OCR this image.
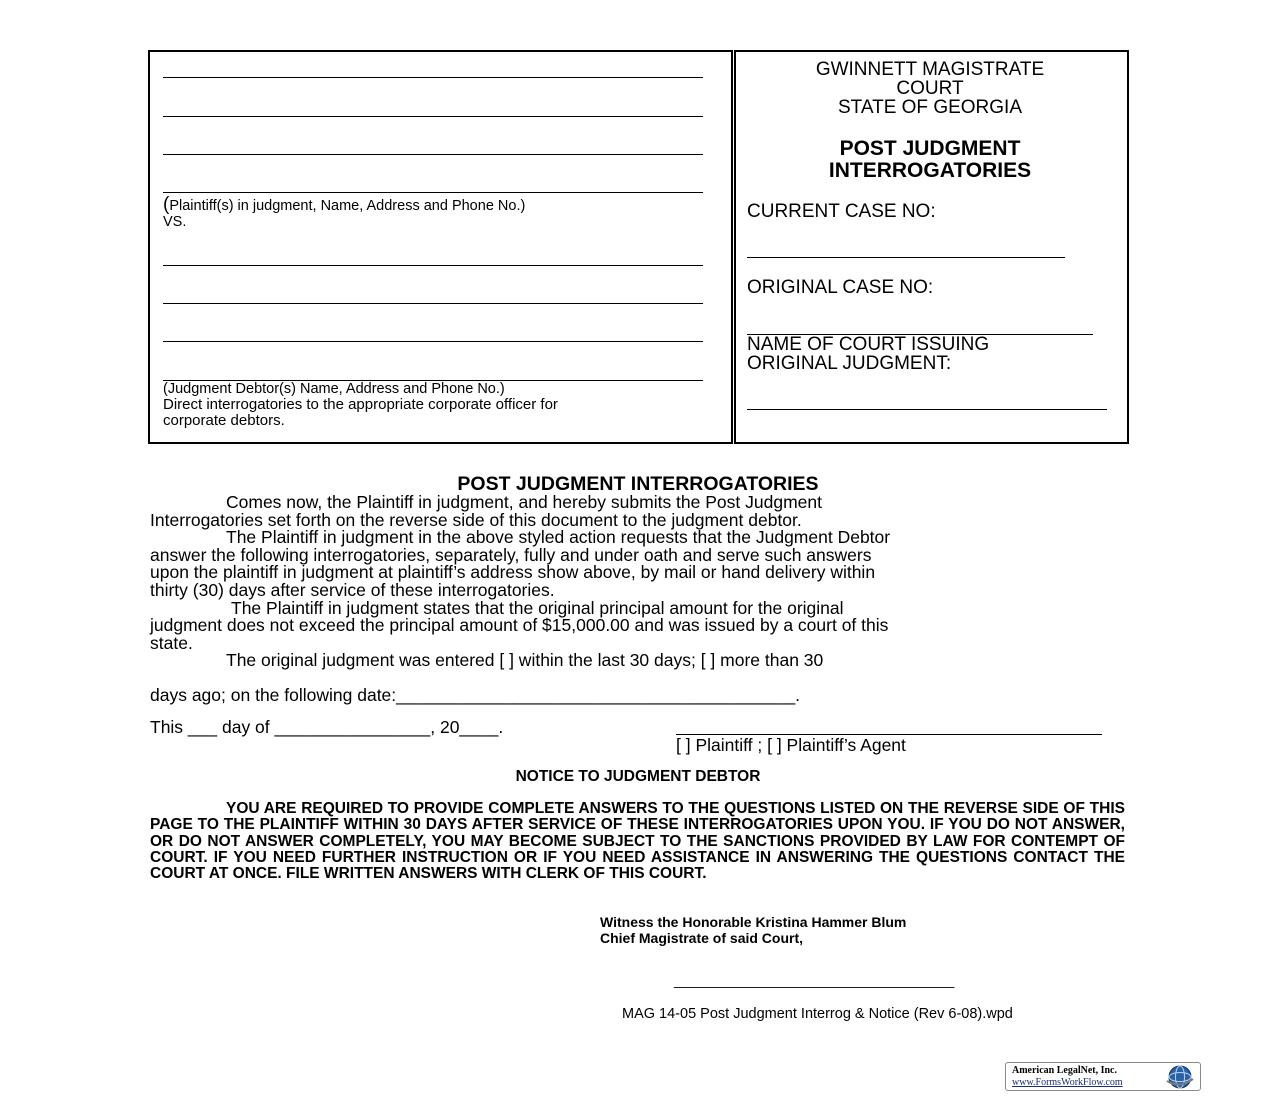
(Plaintiff(s) in judgment, Name, Address and Phone No.)
VS.
(Judgment Debtor(s) Name, Address and Phone No.)
Direct interrogatories to the appropriate corporate officer for
corporate debtors.
GWINNETT MAGISTRATE
COURT
STATE OF GEORGIA
POST JUDGMENT
INTERROGATORIES
CURRENT CASE NO:
ORIGINAL CASE NO:
NAME OF COURT ISSUING
ORIGINAL JUDGMENT:
POST JUDGMENT INTERROGATORIES
Comes now, the Plaintiff in judgment, and hereby submits the Post Judgment
Interrogatories set forth on the reverse side of this document to the judgment debtor.
The Plaintiff in judgment in the above styled action requests that the Judgment Debtor
answer the following interrogatories, separately, fully and under oath and serve such answers
upon the plaintiff in judgment at plaintiff’s address show above, by mail or hand delivery within
thirty (30) days after service of these interrogatories.
The Plaintiff in judgment states that the original principal amount for the original
judgment does not exceed the principal amount of $15,000.00 and was issued by a court of this
state.
The original judgment was entered [ ] within the last 30 days; [ ] more than 30
days ago; on the following date:_________________________________________.
This ___ day of ________________, 20____.
[ ] Plaintiff ; [ ] Plaintiff’s Agent
NOTICE TO JUDGMENT DEBTOR
YOU ARE REQUIRED TO PROVIDE COMPLETE ANSWERS TO THE QUESTIONS LISTED ON THE REVERSE SIDE OF THIS PAGE TO THE PLAINTIFF WITHIN 30 DAYS AFTER SERVICE OF THESE INTERROGATORIES UPON YOU. IF YOU DO NOT ANSWER, OR DO NOT ANSWER COMPLETELY, YOU MAY BECOME SUBJECT TO THE SANCTIONS PROVIDED BY LAW FOR CONTEMPT OF COURT. IF YOU NEED FURTHER INSTRUCTION OR IF YOU NEED ASSISTANCE IN ANSWERING THE QUESTIONS CONTACT THE COURT AT ONCE. FILE WRITTEN ANSWERS WITH CLERK OF THIS COURT.
Witness the Honorable Kristina Hammer Blum
Chief Magistrate of said Court,
____________________________________
MAG 14-05 Post Judgment Interrog & Notice (Rev 6-08).wpd
American LegalNet, Inc.
www.FormsWorkFlow.com
